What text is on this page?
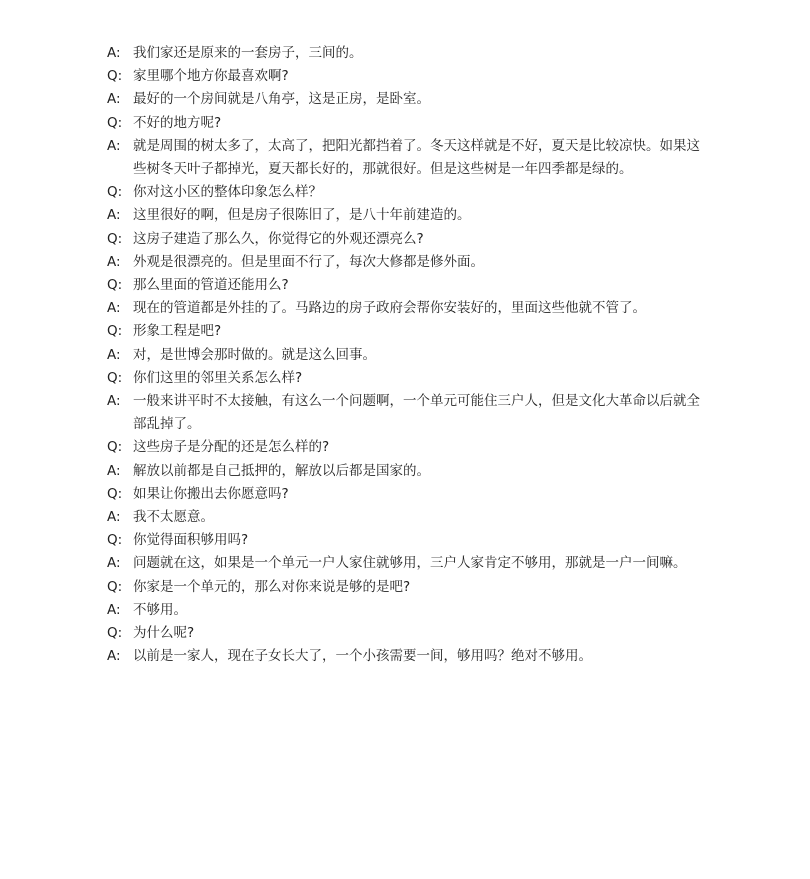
A: 我们家还是原来的一套房子，三间的。
Q: 家里哪个地方你最喜欢啊?
A: 最好的一个房间就是八角亭，这是正房，是卧室。
Q: 不好的地方呢?
A: 就是周围的树太多了，太高了，把阳光都挡着了。冬天这样就是不好，夏天是比较凉快。如果这些树冬天叶子都掉光，夏天都长好的，那就很好。但是这些树是一年四季都是绿的。
Q: 你对这小区的整体印象怎么样？
A: 这里很好的啊，但是房子很陈旧了，是八十年前建造的。
Q: 这房子建造了那么久，你觉得它的外观还漂亮么?
A: 外观是很漂亮的。但是里面不行了，每次大修都是修外面。
Q: 那么里面的管道还能用么?
A: 现在的管道都是外挂的了。马路边的房子政府会帮你安装好的，里面这些他就不管了。
Q: 形象工程是吧?
A: 对，是世博会那时做的。就是这么回事。
Q: 你们这里的邻里关系怎么样?
A: 一般来讲平时不太接触，有这么一个问题啊，一个单元可能住三户人，但是文化大革命以后就全部乱掉了。
Q: 这些房子是分配的还是怎么样的?
A: 解放以前都是自己抵押的，解放以后都是国家的。
Q: 如果让你搬出去你愿意吗?
A: 我不太愿意。
Q: 你觉得面积够用吗?
A: 问题就在这，如果是一个单元一户人家住就够用，三户人家肯定不够用，那就是一户一间嘛。
Q: 你家是一个单元的，那么对你来说是够的是吧?
A: 不够用。
Q: 为什么呢?
A: 以前是一家人，现在子女长大了，一个小孩需要一间，够用吗？绝对不够用。
